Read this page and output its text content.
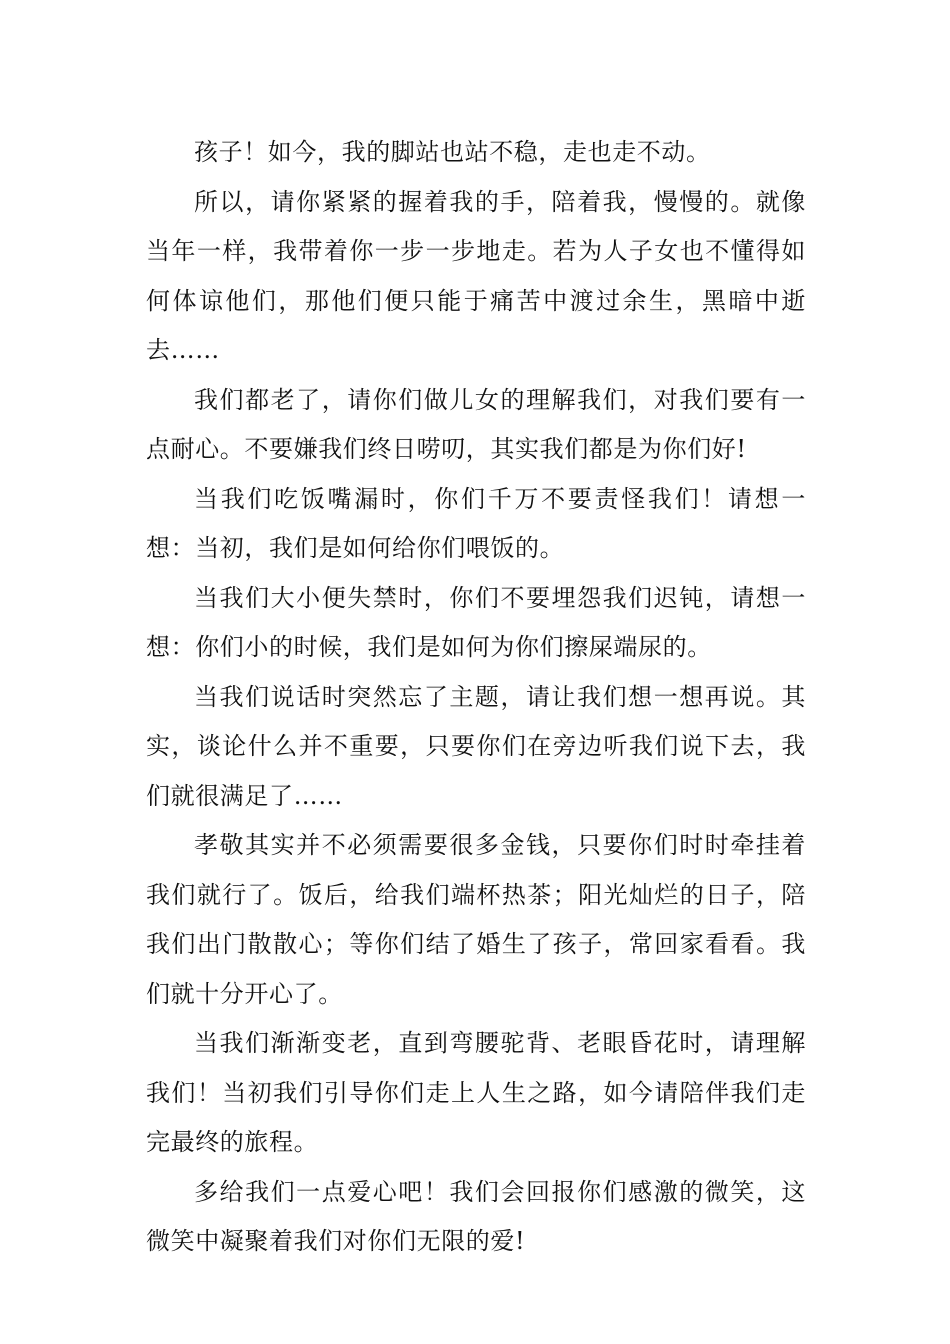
孩子！如今，我的脚站也站不稳，走也走不动。

所以，请你紧紧的握着我的手，陪着我，慢慢的。就像当年一样，我带着你一步一步地走。若为人子女也不懂得如何体谅他们，那他们便只能于痛苦中渡过余生，黑暗中逝去……

我们都老了，请你们做儿女的理解我们，对我们要有一点耐心。不要嫌我们终日唠叨，其实我们都是为你们好!

当我们吃饭嘴漏时，你们千万不要责怪我们！请想一想：当初，我们是如何给你们喂饭的。

当我们大小便失禁时，你们不要埋怨我们迟钝，请想一想：你们小的时候，我们是如何为你们擦屎端尿的。

当我们说话时突然忘了主题，请让我们想一想再说。其实，谈论什么并不重要，只要你们在旁边听我们说下去，我们就很满足了……

孝敬其实并不必须需要很多金钱，只要你们时时牵挂着我们就行了。饭后，给我们端杯热茶；阳光灿烂的日子，陪我们出门散散心；等你们结了婚生了孩子，常回家看看。我们就十分开心了。

当我们渐渐变老，直到弯腰驼背、老眼昏花时，请理解我们！当初我们引导你们走上人生之路，如今请陪伴我们走完最终的旅程。

多给我们一点爱心吧！我们会回报你们感激的微笑，这微笑中凝聚着我们对你们无限的爱!
